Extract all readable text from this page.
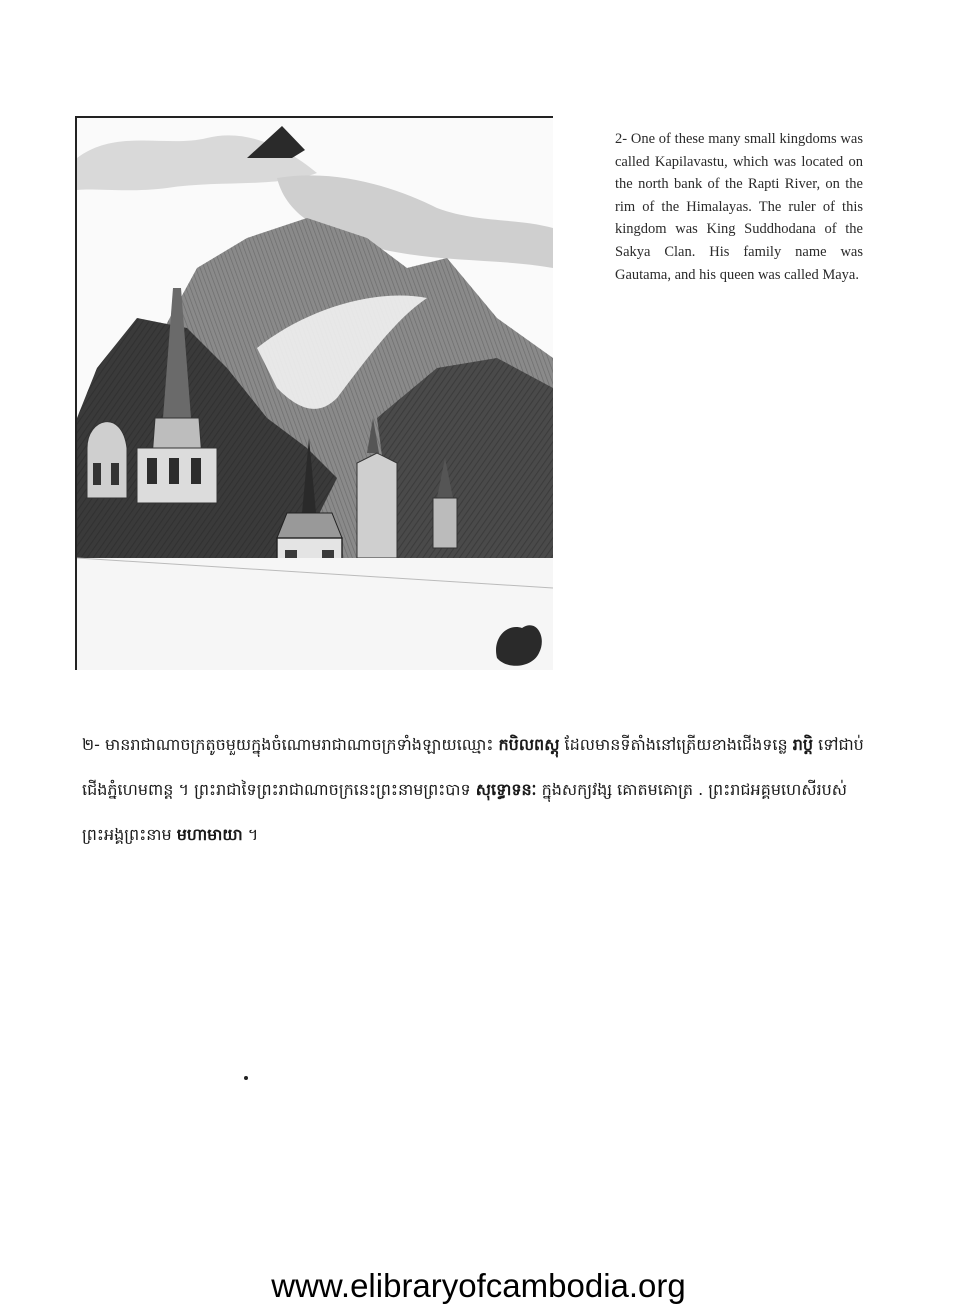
2- One of these many small kingdoms was called Kapilavastu, which was located on the north bank of the Rapti River, on the rim of the Himalayas. The ruler of this kingdom was King Suddhodana of the Sakya Clan. His family name was Gautama, and his queen was called Maya.

២- មានរាជាណាចក្រតូចមួយក្នុងចំណោមរាជាណាចក្រទាំងឡាយឈ្មោះ កបិលពស្តុ ដែលមានទីតាំងនៅត្រើយខាងជើងទន្លេ រាប្តិ ទៅជាប់ជើងភ្នំហេមពាន្ត ។ ព្រះរាជាទៃព្រះរាជាណាចក្រនេះព្រះនាមព្រះបាទ សុទ្ធោទនៈ ក្នុងសក្យវង្ស គោតមគោត្រ . ព្រះរាជអគ្គមហេសីរបស់ព្រះអង្គព្រះនាម មហាមាយា ។

www.elibraryofcambodia.org
